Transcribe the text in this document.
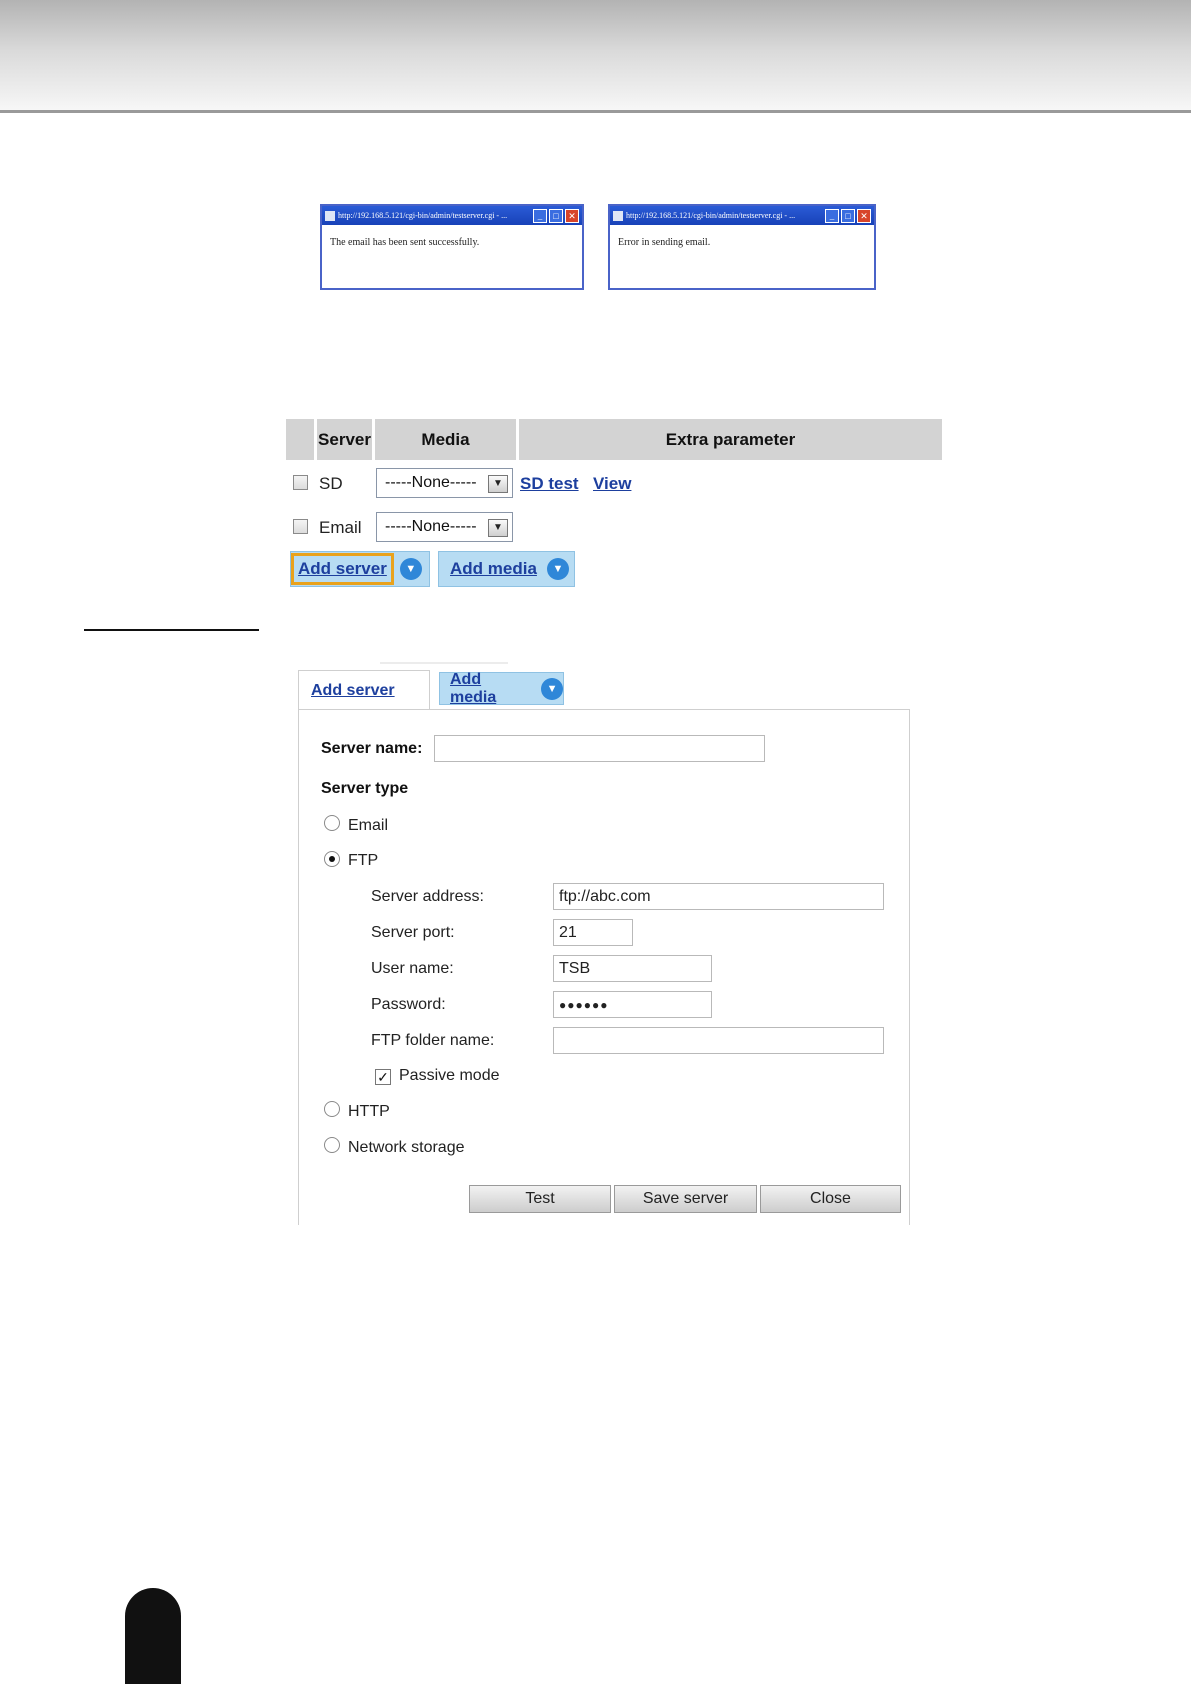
http://192.168.5.121/cgi-bin/admin/testserver.cgi - ...	_	□	✕
The email has been sent successfully.
http://192.168.5.121/cgi-bin/admin/testserver.cgi - ...	_	□	✕
Error in sending email.
Server	Media	Extra parameter
SD	-----None-----	▼ SD test View
Email -----None-----	▼
Add server	▼	Add media	▼
Add server
Add media	▼
Server name:
Server type
Email
FTP
Server address:	ftp://abc.com
Server port:	21
User name:	TSB
Password:	●●●●●●
FTP folder name:
✓ Passive mode
HTTP
Network storage
Test	Save server	Close
